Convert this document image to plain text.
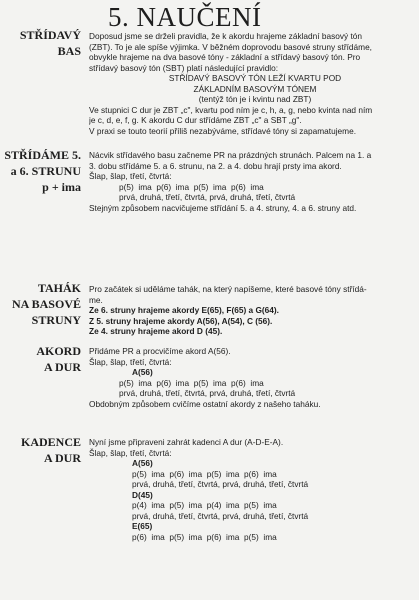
5. NAUČENÍ
STŘÍDAVÝ
BAS
Doposud jsme se drželi pravidla, že k akordu hrajeme základní basový tón
(ZBT). To je ale spíše výjimka. V běžném doprovodu basové struny střídáme,
obvykle hrajeme na dva basové tóny - základní a střídavý basový tón. Pro
střídavý basový tón (SBT) platí následující pravidlo:
STŘÍDAVÝ BASOVÝ TÓN LEŽÍ KVARTU POD
ZÁKLADNÍM BASOVÝM TÓNEM
(tentýž tón je i kvintu nad ZBT)
Ve stupnici C dur je ZBT „c", kvartu pod ním je c, h, a, g, nebo kvinta nad ním
je c, d, e, f, g. K akordu C dur střídáme ZBT „c" a SBT „g".
V praxi se touto teorií příliš nezabýváme, střídavé tóny si zapamatujeme.
STŘÍDÁME 5.
a 6. STRUNU
p + ima
Nácvik střídavého basu začneme PR na prázdných strunách. Palcem na 1. a
3. dobu střídáme 5. a 6. strunu, na 2. a 4. dobu hrají prsty ima akord.
Šlap, šlap, třetí, čtvrtá:
p(5)  ima  p(6)  ima  p(5)  ima  p(6)  ima
prvá, druhá, třetí, čtvrtá, prvá, druhá, třetí, čtvrtá
Stejným způsobem nacvičujeme střídání 5. a 4. struny, 4. a 6. struny atd.
TAHÁK
NA BASOVÉ
STRUNY
Pro začátek si uděláme tahák, na který napíšeme, které basové tóny střídá-
me.
Ze 6. struny hrajeme akordy E(65), F(65) a G(64).
Z 5. struny hrajeme akordy A(56), A(54), C (56).
Ze 4. struny hrajeme akord D (45).
AKORD
A DUR
Přidáme PR a procvičíme akord A(56).
Šlap, šlap, třetí, čtvrtá:
A(56)
p(5)  ima  p(6)  ima  p(5)  ima  p(6)  ima
prvá, druhá, třetí, čtvrtá, prvá, druhá, třetí, čtvrtá
Obdobným způsobem cvičíme ostatní akordy z našeho taháku.
KADENCE
A DUR
Nyní jsme připraveni zahrát kadenci A dur (A-D-E-A).
Šlap, šlap, třetí, čtvrtá:
A(56)
p(5)  ima  p(6)  ima  p(5)  ima  p(6)  ima
prvá, druhá, třetí, čtvrtá, prvá, druhá, třetí, čtvrtá
D(45)
p(4)  ima  p(5)  ima  p(4)  ima  p(5)  ima
prvá, druhá, třetí, čtvrtá, prvá, druhá, třetí, čtvrtá
E(65)
p(6)  ima  p(5)  ima  p(6)  ima  p(5)  ima
